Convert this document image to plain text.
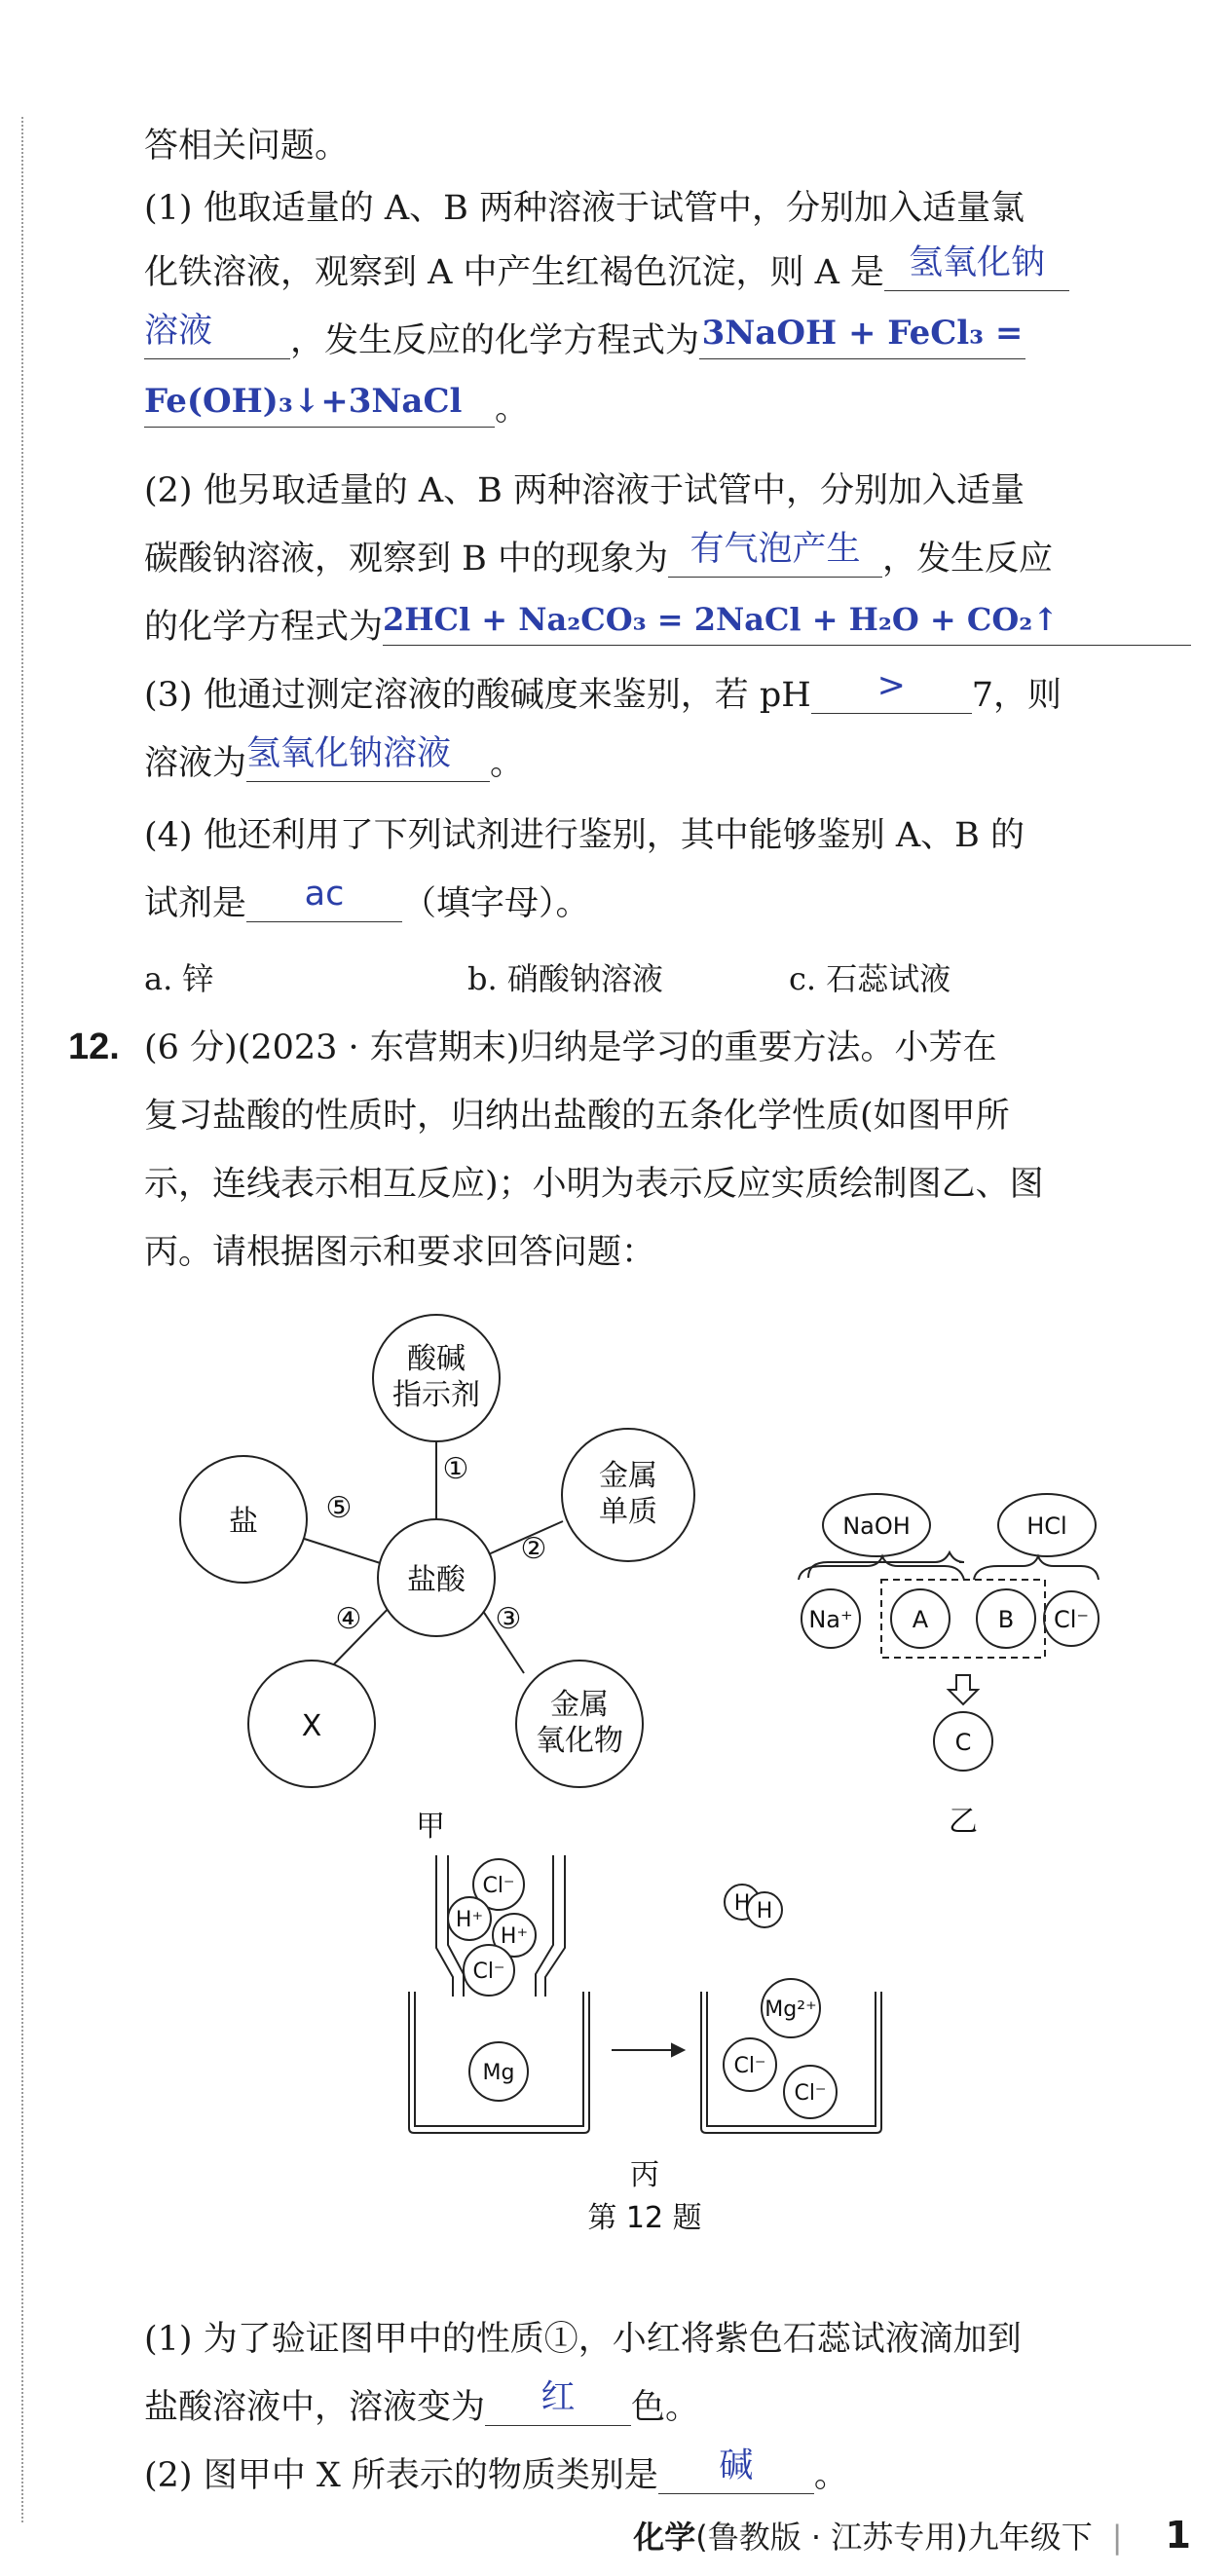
答相关问题。
(1) 他取适量的 A、B 两种溶液于试管中，分别加入适量氯
化铁溶液，观察到 A 中产生红褐色沉淀，则 A 是 氢氧化钠
溶液 ，发生反应的化学方程式为3NaOH + FeCl₃ =
Fe(OH)₃↓+3NaCl 。
(2) 他另取适量的 A、B 两种溶液于试管中，分别加入适量
碳酸钠溶液，观察到 B 中的现象为 有气泡产生 ，发生反应
的化学方程式为2HCl + Na₂CO₃ = 2NaCl + H₂O + CO₂↑
(3) 他通过测定溶液的酸碱度来鉴别，若 pH > 7，则
溶液为氢氧化钠溶液 。
(4) 他还利用了下列试剂进行鉴别，其中能够鉴别 A、B 的
试剂是 ac （填字母）。
a. 锌	b. 硝酸钠溶液	c. 石蕊试液
12. (6 分)(2023 · 东营期末)归纳是学习的重要方法。小芳在
复习盐酸的性质时，归纳出盐酸的五条化学性质(如图甲所
示，连线表示相互反应)；小明为表示反应实质绘制图乙、图
丙。请根据图示和要求回答问题：
酸碱
指示剂
盐酸
金属
单质
金属
氧化物
X
盐
①
②
③
④
⑤
甲
NaOH	HCl
Na⁺	A	B Cl⁻
C
乙
Cl⁻
H⁺
H⁺
Cl⁻
Mg
H H
Mg²⁺
Cl⁻
Cl⁻
丙
第 12 题
(1) 为了验证图甲中的性质①，小红将紫色石蕊试液滴加到
盐酸溶液中，溶液变为 红 色。
(2) 图甲中 X 所表示的物质类别是 碱 。
化学(鲁教版 · 江苏专用)九年级下 | 1
